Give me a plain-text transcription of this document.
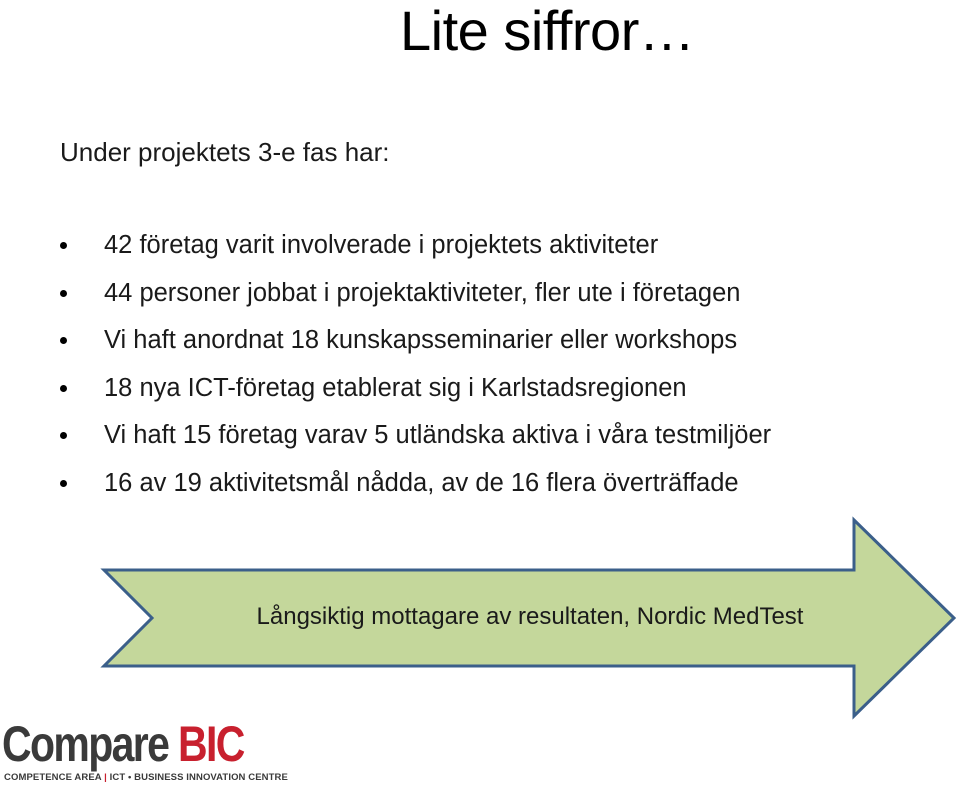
Lite siffror…
Under projektets 3-e fas har:
42 företag varit involverade i projektets aktiviteter
44 personer jobbat i projektaktiviteter, fler ute i företagen
Vi haft anordnat 18 kunskapsseminarier eller workshops
18 nya ICT-företag etablerat sig i Karlstadsregionen
Vi haft 15 företag varav 5 utländska aktiva i våra testmiljöer
16 av 19 aktivitetsmål nådda, av de 16 flera överträffade
Långsiktig mottagare av resultaten, Nordic MedTest
Compare BIC
COMPETENCE AREA | ICT • BUSINESS INNOVATION CENTRE
